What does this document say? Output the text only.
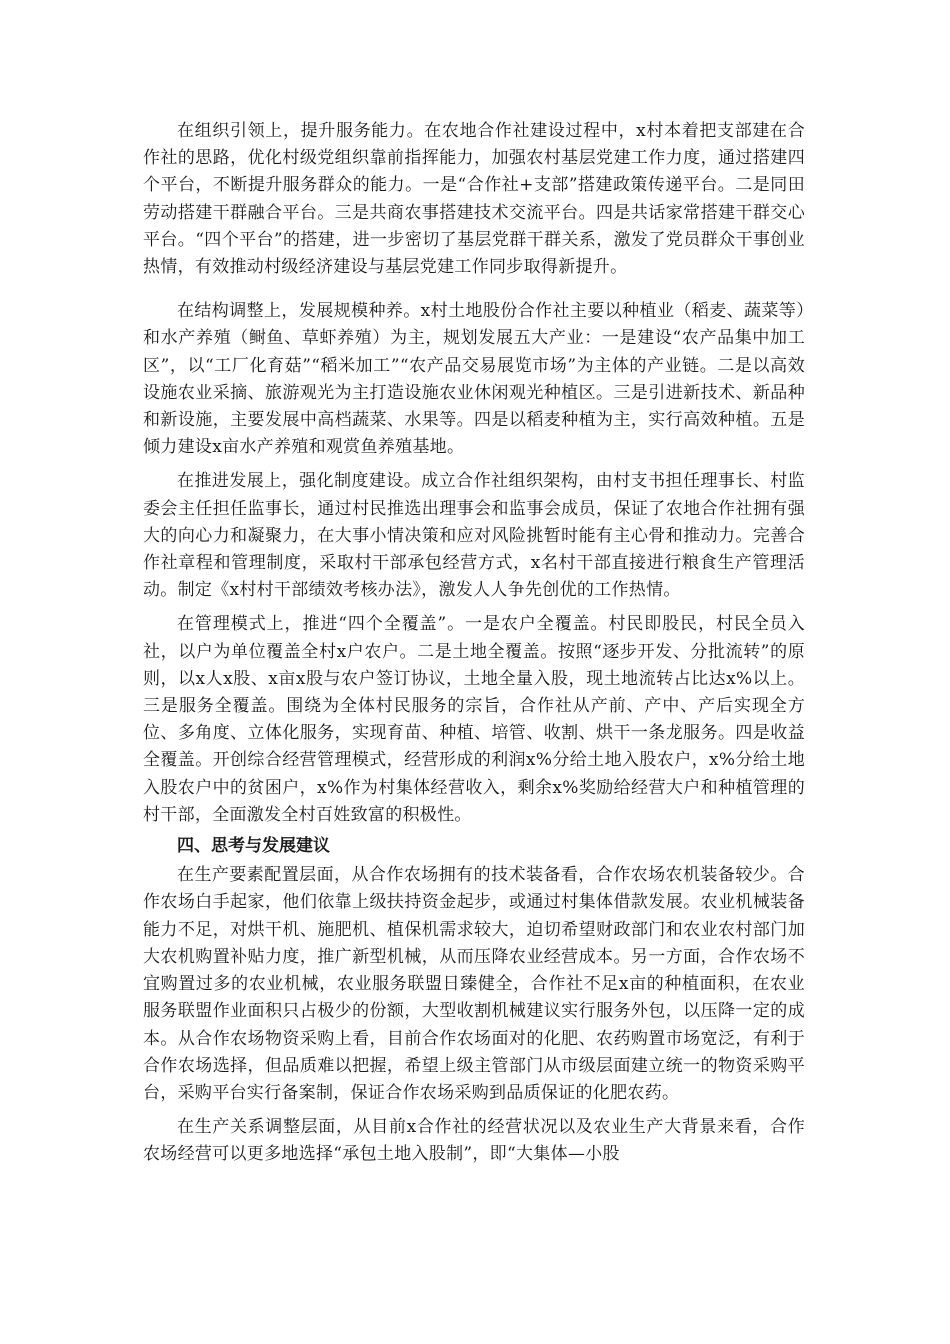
在组织引领上，提升服务能力。在农地合作社建设过程中，x村本着把支部建在合作社的思路，优化村级党组织靠前指挥能力，加强农村基层党建工作力度，通过搭建四个平台，不断提升服务群众的能力。一是“合作社+支部”搭建政策传递平台。二是同田劳动搭建干群融合平台。三是共商农事搭建技术交流平台。四是共话家常搭建干群交心平台。“四个平台”的搭建，进一步密切了基层党群干群关系，激发了党员群众干事创业热情，有效推动村级经济建设与基层党建工作同步取得新提升。

在结构调整上，发展规模种养。x村土地股份合作社主要以种植业（稻麦、蔬菜等）和水产养殖（鲥鱼、草虾养殖）为主，规划发展五大产业：一是建设“农产品集中加工区”，以“工厂化育菇”“稻米加工”“农产品交易展览市场”为主体的产业链。二是以高效设施农业采摘、旅游观光为主打造设施农业休闲观光种植区。三是引进新技术、新品种和新设施，主要发展中高档蔬菜、水果等。四是以稻麦种植为主，实行高效种植。五是倾力建设x亩水产养殖和观赏鱼养殖基地。

在推进发展上，强化制度建设。成立合作社组织架构，由村支书担任理事长、村监委会主任担任监事长，通过村民推选出理事会和监事会成员，保证了农地合作社拥有强大的向心力和凝聚力，在大事小情决策和应对风险挑暂时能有主心骨和推动力。完善合作社章程和管理制度，采取村干部承包经营方式，x名村干部直接进行粮食生产管理活动。制定《x村村干部绩效考核办法》，激发人人争先创优的工作热情。

在管理模式上，推进“四个全覆盖”。一是农户全覆盖。村民即股民，村民全员入社，以户为单位覆盖全村x户农户。二是土地全覆盖。按照“逐步开发、分批流转”的原则，以x人x股、x亩x股与农户签订协议，土地全量入股，现土地流转占比达x%以上。三是服务全覆盖。围绕为全体村民服务的宗旨，合作社从产前、产中、产后实现全方位、多角度、立体化服务，实现育苗、种植、培管、收割、烘干一条龙服务。四是收益全覆盖。开创综合经营管理模式，经营形成的利润x%分给土地入股农户，x%分给土地入股农户中的贫困户，x%作为村集体经营收入，剩余x%奖励给经营大户和种植管理的村干部，全面激发全村百姓致富的积极性。

四、思考与发展建议

在生产要素配置层面，从合作农场拥有的技术装备看，合作农场农机装备较少。合作农场白手起家，他们依靠上级扶持资金起步，或通过村集体借款发展。农业机械装备能力不足，对烘干机、施肥机、植保机需求较大，迫切希望财政部门和农业农村部门加大农机购置补贴力度，推广新型机械，从而压降农业经营成本。另一方面，合作农场不宜购置过多的农业机械，农业服务联盟日臻健全，合作社不足x亩的种植面积，在农业服务联盟作业面积只占极少的份额，大型收割机械建议实行服务外包，以压降一定的成本。从合作农场物资采购上看，目前合作农场面对的化肥、农药购置市场宽泛，有利于合作农场选择，但品质难以把握，希望上级主管部门从市级层面建立统一的物资采购平台，采购平台实行备案制，保证合作农场采购到品质保证的化肥农药。

在生产关系调整层面，从目前x合作社的经营状况以及农业生产大背景来看，合作农场经营可以更多地选择“承包土地入股制”，即“大集体—小股
